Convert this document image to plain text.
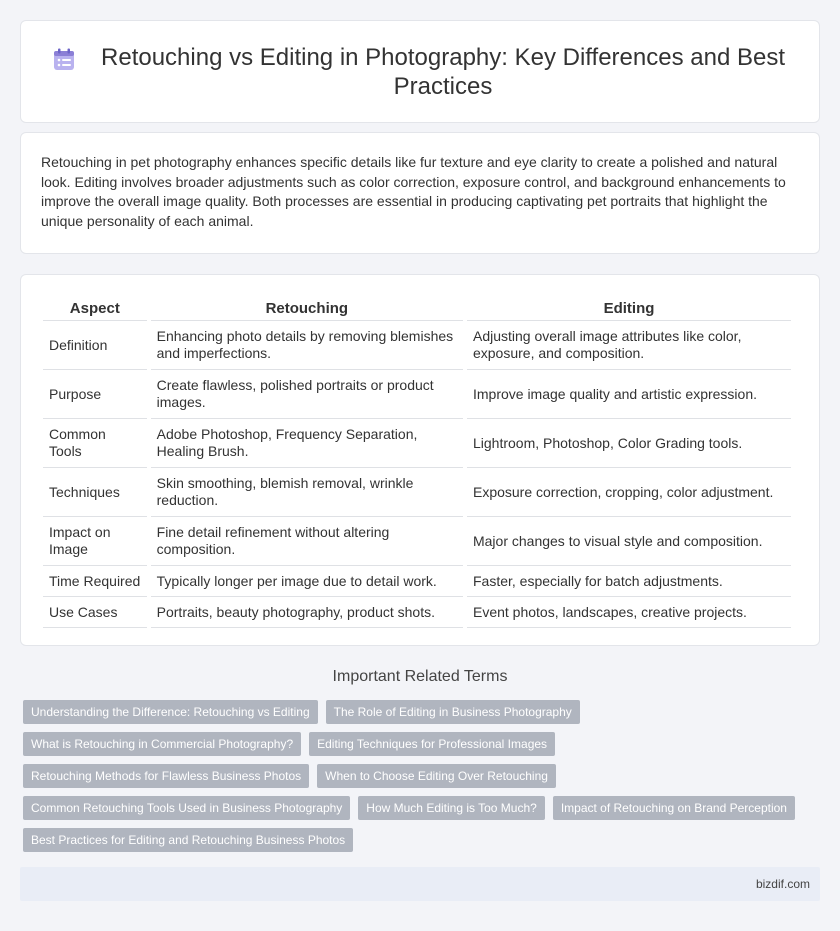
Retouching vs Editing in Photography: Key Differences and Best Practices

Retouching in pet photography enhances specific details like fur texture and eye clarity to create a polished and natural look. Editing involves broader adjustments such as color correction, exposure control, and background enhancements to improve the overall image quality. Both processes are essential in producing captivating pet portraits that highlight the unique personality of each animal.

Aspect	Retouching	Editing
Definition	Enhancing photo details by removing blemishes and imperfections.	Adjusting overall image attributes like color, exposure, and composition.
Purpose	Create flawless, polished portraits or product images.	Improve image quality and artistic expression.
Common Tools	Adobe Photoshop, Frequency Separation, Healing Brush.	Lightroom, Photoshop, Color Grading tools.
Techniques	Skin smoothing, blemish removal, wrinkle reduction.	Exposure correction, cropping, color adjustment.
Impact on Image	Fine detail refinement without altering composition.	Major changes to visual style and composition.
Time Required	Typically longer per image due to detail work.	Faster, especially for batch adjustments.
Use Cases	Portraits, beauty photography, product shots.	Event photos, landscapes, creative projects.
Important Related Terms
Understanding the Difference: Retouching vs Editing	The Role of Editing in Business Photography
What is Retouching in Commercial Photography?	Editing Techniques for Professional Images
Retouching Methods for Flawless Business Photos	When to Choose Editing Over Retouching
Common Retouching Tools Used in Business Photography	How Much Editing is Too Much?	Impact of Retouching on Brand Perception
Best Practices for Editing and Retouching Business Photos
bizdif.com
